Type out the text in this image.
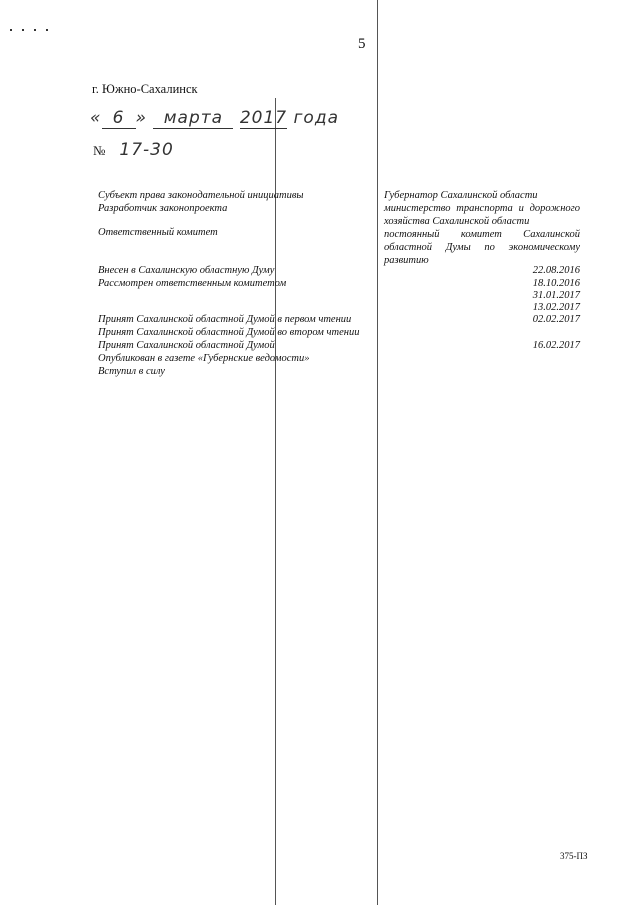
5
г. Южно-Сахалинск
« 6 » марта 2017 года
№ 17-30
Субъект права законодательной инициативы
Разработчик законопроекта
Ответственный комитет
Внесен в Сахалинскую областную Думу
Рассмотрен ответственным комитетом
Принят Сахалинской областной Думой в первом чтении
Принят Сахалинской областной Думой во втором чтении
Принят Сахалинской областной Думой
Опубликован в газете «Губернские ведомости»
Вступил в силу
Губернатор Сахалинской области
министерство транспорта и дорожного хозяйства Сахалинской области
постоянный комитет Сахалинской областной Думы по экономическому развитию
22.08.2016
18.10.2016
31.01.2017
13.02.2017
02.02.2017
16.02.2017
375-ПЗ
